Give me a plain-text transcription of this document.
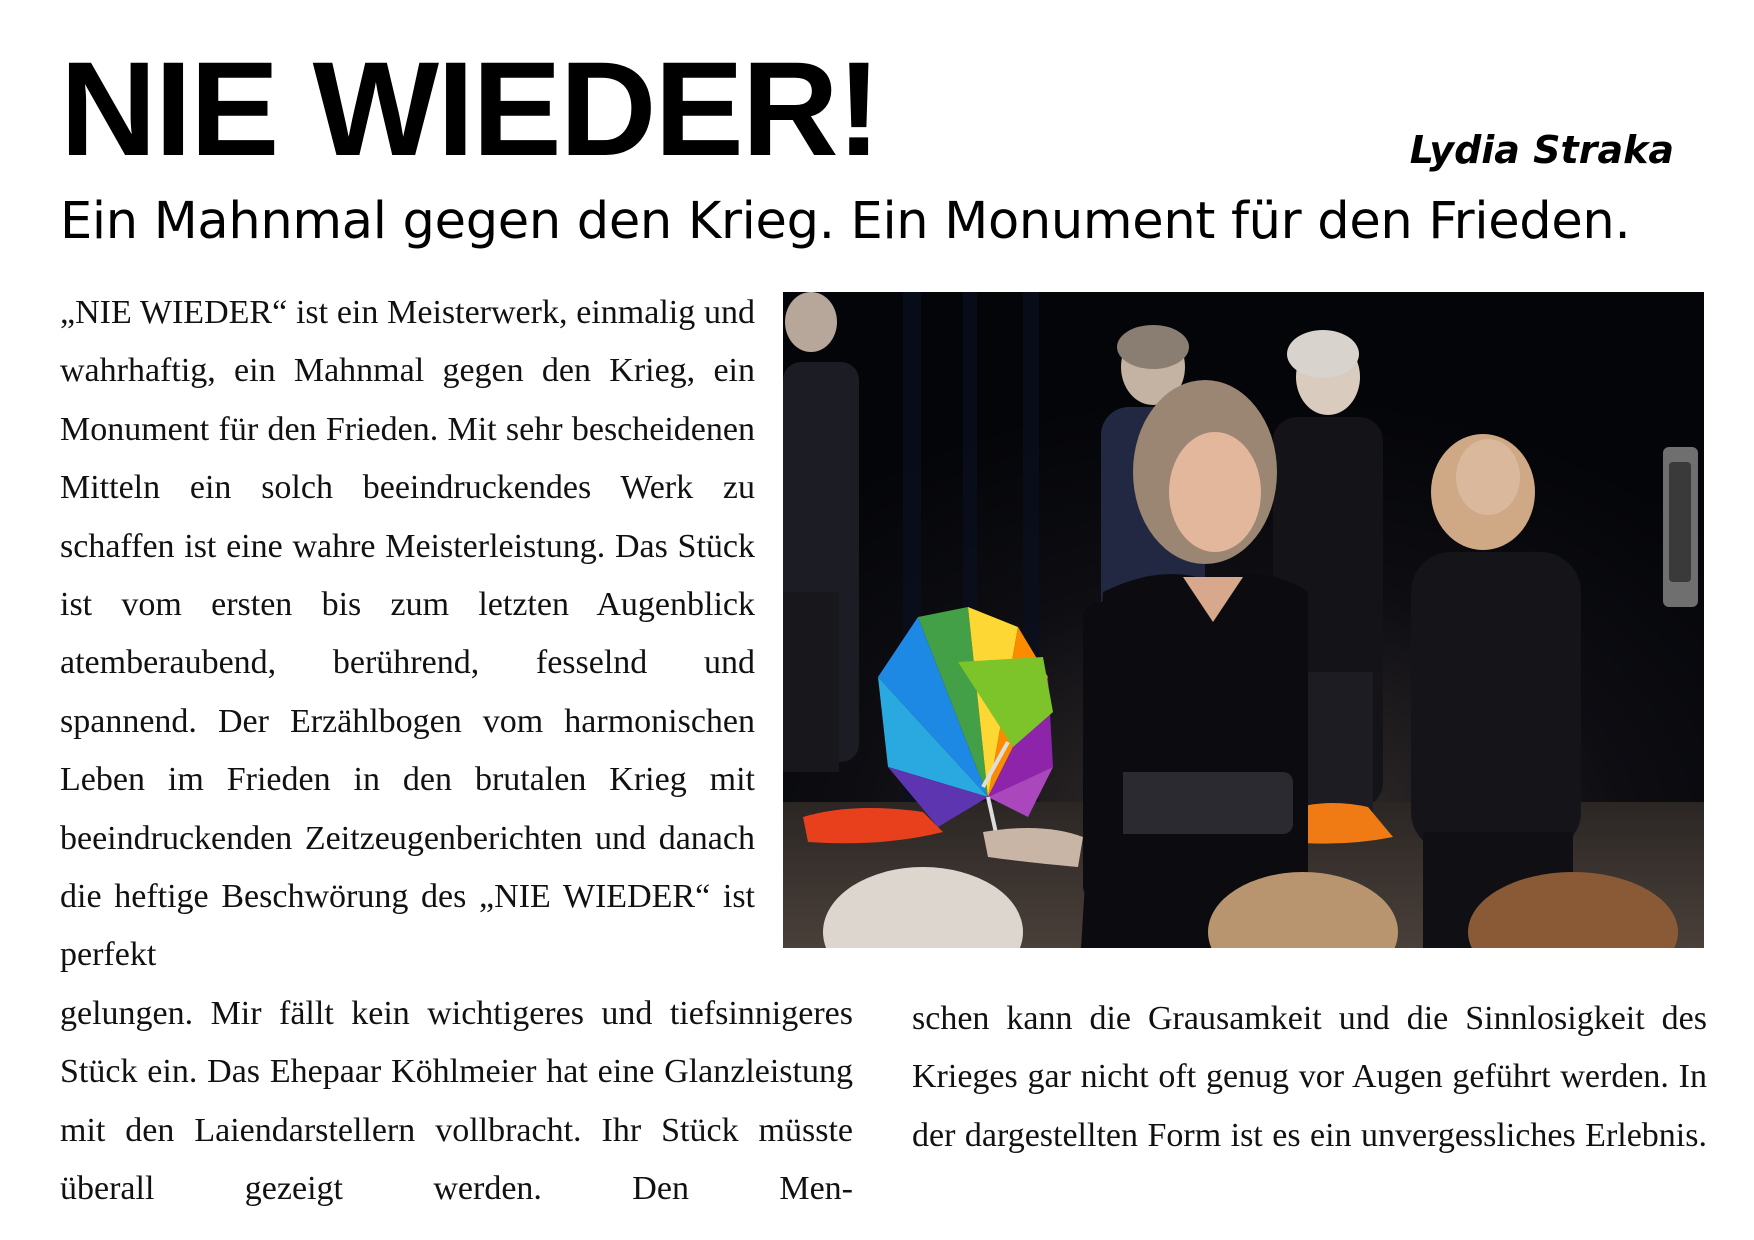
NIE WIEDER!	Lydia Straka
Ein Mahnmal gegen den Krieg. Ein Monument für den Frieden.

„NIE WIEDER“ ist ein Meisterwerk, einmalig und wahrhaftig, ein Mahnmal gegen den Krieg, ein Monument für den Frieden. Mit sehr bescheidenen Mitteln ein solch beeindruckendes Werk zu schaffen ist eine wahre Meisterleistung. Das Stück ist vom ersten bis zum letzten Augenblick atemberaubend, berührend, fesselnd und spannend. Der Erzählbogen vom harmonischen Leben im Frieden in den brutalen Krieg mit beeindruckenden Zeitzeugenberichten und danach die heftige Beschwörung des „NIE WIEDER“ ist perfekt

gelungen. Mir fällt kein wichtigeres und tiefsinnigeres Stück ein. Das Ehepaar Köhlmeier hat eine Glanzleistung mit den Laiendarstellern vollbracht. Ihr Stück müsste überall gezeigt werden. Den Men-

schen kann die Grausamkeit und die Sinnlosigkeit des Krieges gar nicht oft genug vor Augen geführt werden. In der dargestellten Form ist es ein unvergessliches Erlebnis.
